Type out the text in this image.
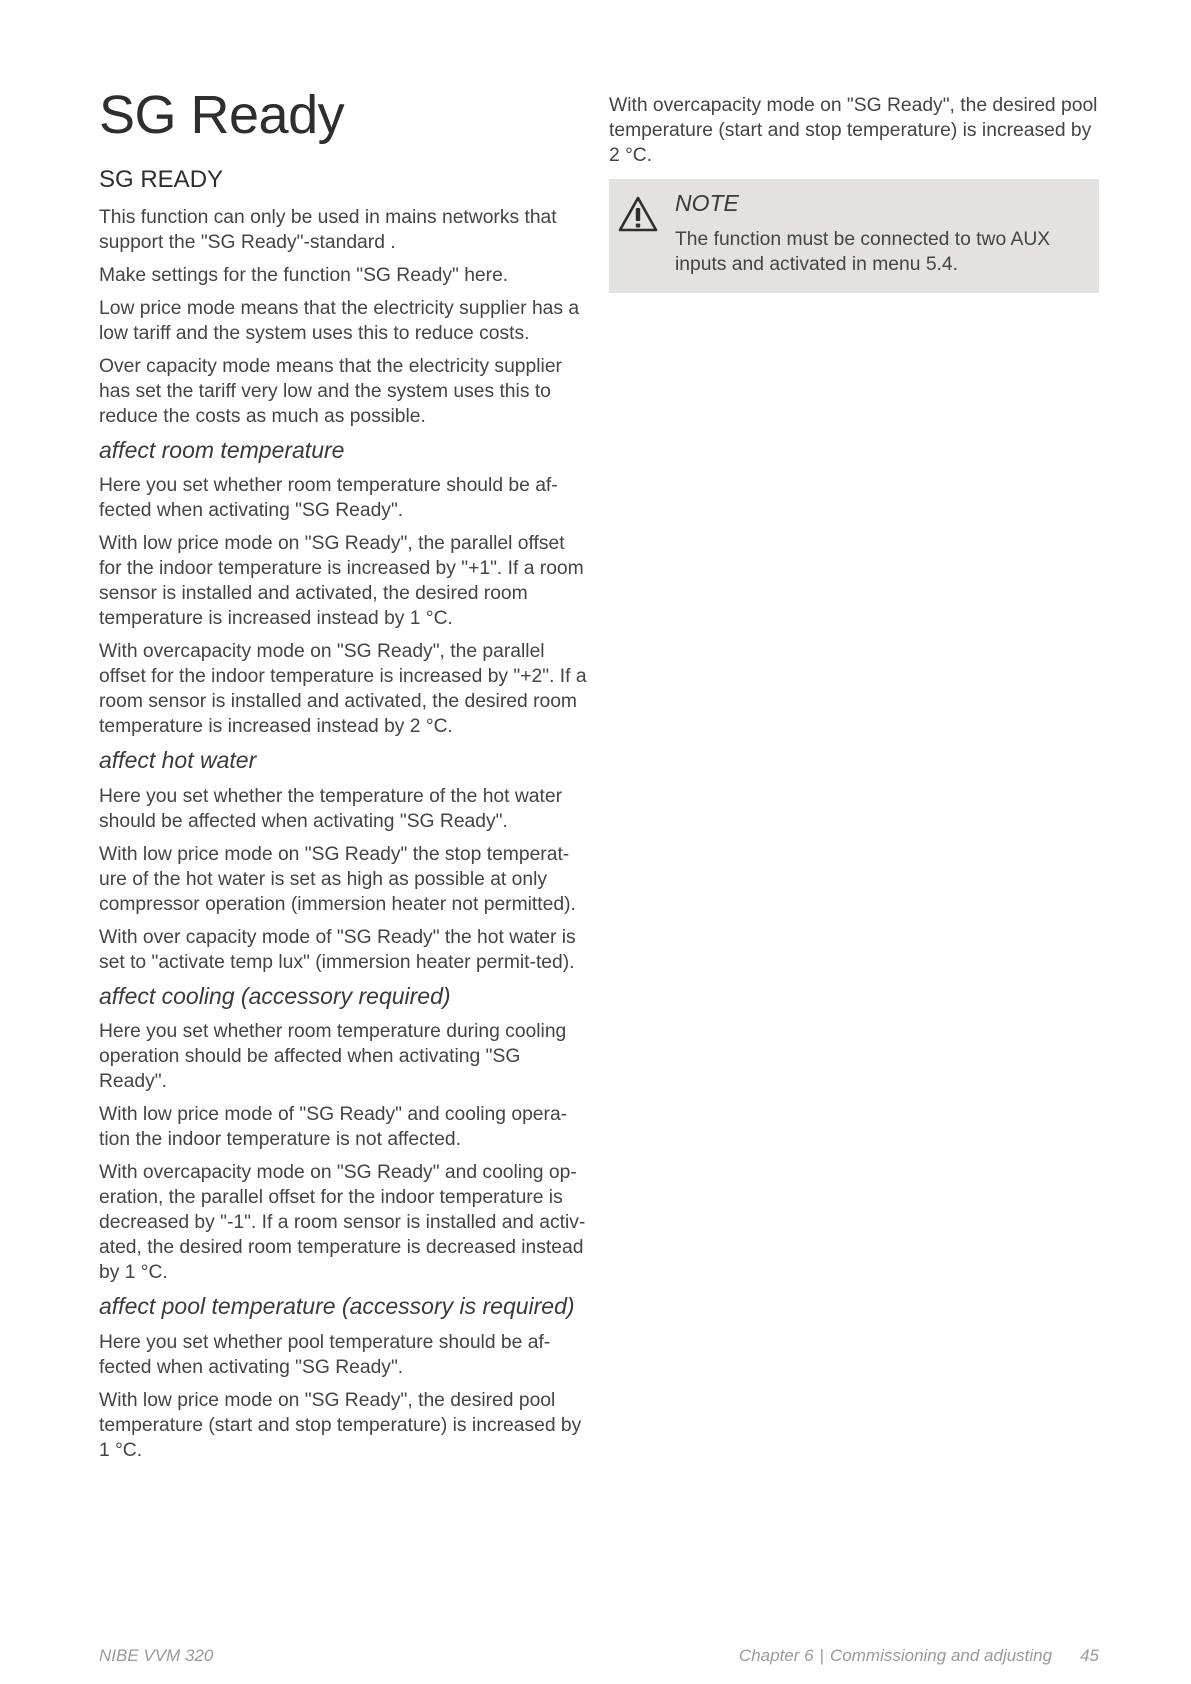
SG Ready
SG READY

This function can only be used in mains networks that support the "SG Ready"-standard .

Make settings for the function "SG Ready" here.

Low price mode means that the electricity supplier has a low tariff and the system uses this to reduce costs.

Over capacity mode means that the electricity supplier has set the tariff very low and the system uses this to reduce the costs as much as possible.

affect room temperature

Here you set whether room temperature should be af-fected when activating "SG Ready".

With low price mode on "SG Ready", the parallel offset for the indoor temperature is increased by "+1". If a room sensor is installed and activated, the desired room temperature is increased instead by 1 °C.

With overcapacity mode on "SG Ready", the parallel offset for the indoor temperature is increased by "+2". If a room sensor is installed and activated, the desired room temperature is increased instead by 2 °C.

affect hot water

Here you set whether the temperature of the hot water should be affected when activating "SG Ready".

With low price mode on "SG Ready" the stop temperat-ure of the hot water is set as high as possible at only compressor operation (immersion heater not permitted).

With over capacity mode of "SG Ready" the hot water is set to "activate temp lux" (immersion heater permit-ted).

affect cooling (accessory required)

Here you set whether room temperature during cooling operation should be affected when activating "SG Ready".

With low price mode of "SG Ready" and cooling opera-tion the indoor temperature is not affected.

With overcapacity mode on "SG Ready" and cooling op-eration, the parallel offset for the indoor temperature is decreased by "-1". If a room sensor is installed and activ-ated, the desired room temperature is decreased instead by 1 °C.

affect pool temperature (accessory is required)

Here you set whether pool temperature should be af-fected when activating "SG Ready".

With low price mode on "SG Ready", the desired pool temperature (start and stop temperature) is increased by 1 °C.

With overcapacity mode on "SG Ready", the desired pool temperature (start and stop temperature) is increased by 2 °C.

NOTE

The function must be connected to two AUX inputs and activated in menu 5.4.

NIBE VVM 320	Chapter 6 | Commissioning and adjusting 45
